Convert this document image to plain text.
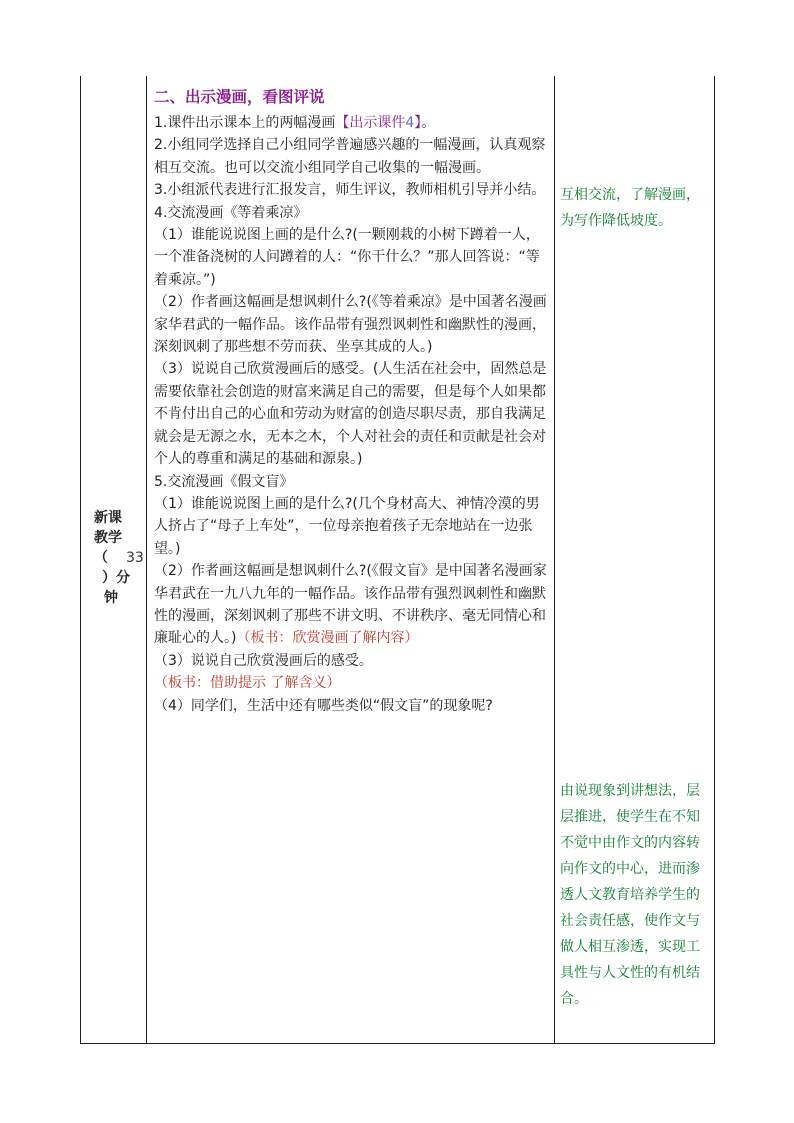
新课
教学
（ 33
）分
钟

二、出示漫画，看图评说

1.课件出示课本上的两幅漫画【出示课件4】。

2.小组同学选择自己小组同学普遍感兴趣的一幅漫画，认真观察相互交流。也可以交流小组同学自己收集的一幅漫画。

3.小组派代表进行汇报发言，师生评议，教师相机引导并小结。

4.交流漫画《等着乘凉》

（1）谁能说说图上画的是什么?(一颗刚栽的小树下蹲着一人，一个准备浇树的人问蹲着的人：“你干什么？”那人回答说：“等着乘凉。”)

（2）作者画这幅画是想讽刺什么?(《等着乘凉》是中国著名漫画家华君武的一幅作品。该作品带有强烈讽刺性和幽默性的漫画，深刻讽刺了那些想不劳而获、坐享其成的人。)

（3）说说自己欣赏漫画后的感受。(人生活在社会中，固然总是需要依靠社会创造的财富来满足自己的需要，但是每个人如果都不肯付出自己的心血和劳动为财富的创造尽职尽责，那自我满足就会是无源之水，无本之木，个人对社会的责任和贡献是社会对个人的尊重和满足的基础和源泉。)

5.交流漫画《假文盲》

（1）谁能说说图上画的是什么?(几个身材高大、神情冷漠的男人挤占了“母子上车处”，一位母亲抱着孩子无奈地站在一边张望。)

（2）作者画这幅画是想讽刺什么?(《假文盲》是中国著名漫画家华君武在一九八九年的一幅作品。该作品带有强烈讽刺性和幽默性的漫画，深刻讽刺了那些不讲文明、不讲秩序、毫无同情心和廉耻心的人。)（板书：欣赏漫画了解内容）

（3）说说自己欣赏漫画后的感受。

（板书：借助提示 了解含义）

（4）同学们，生活中还有哪些类似“假文盲”的现象呢?

互相交流，了解漫画，为写作降低坡度。
由说现象到讲想法，层层推进，使学生在不知不觉中由作文的内容转向作文的中心，进而渗透人文教育培养学生的社会责任感，使作文与做人相互渗透，实现工具性与人文性的有机结合。
